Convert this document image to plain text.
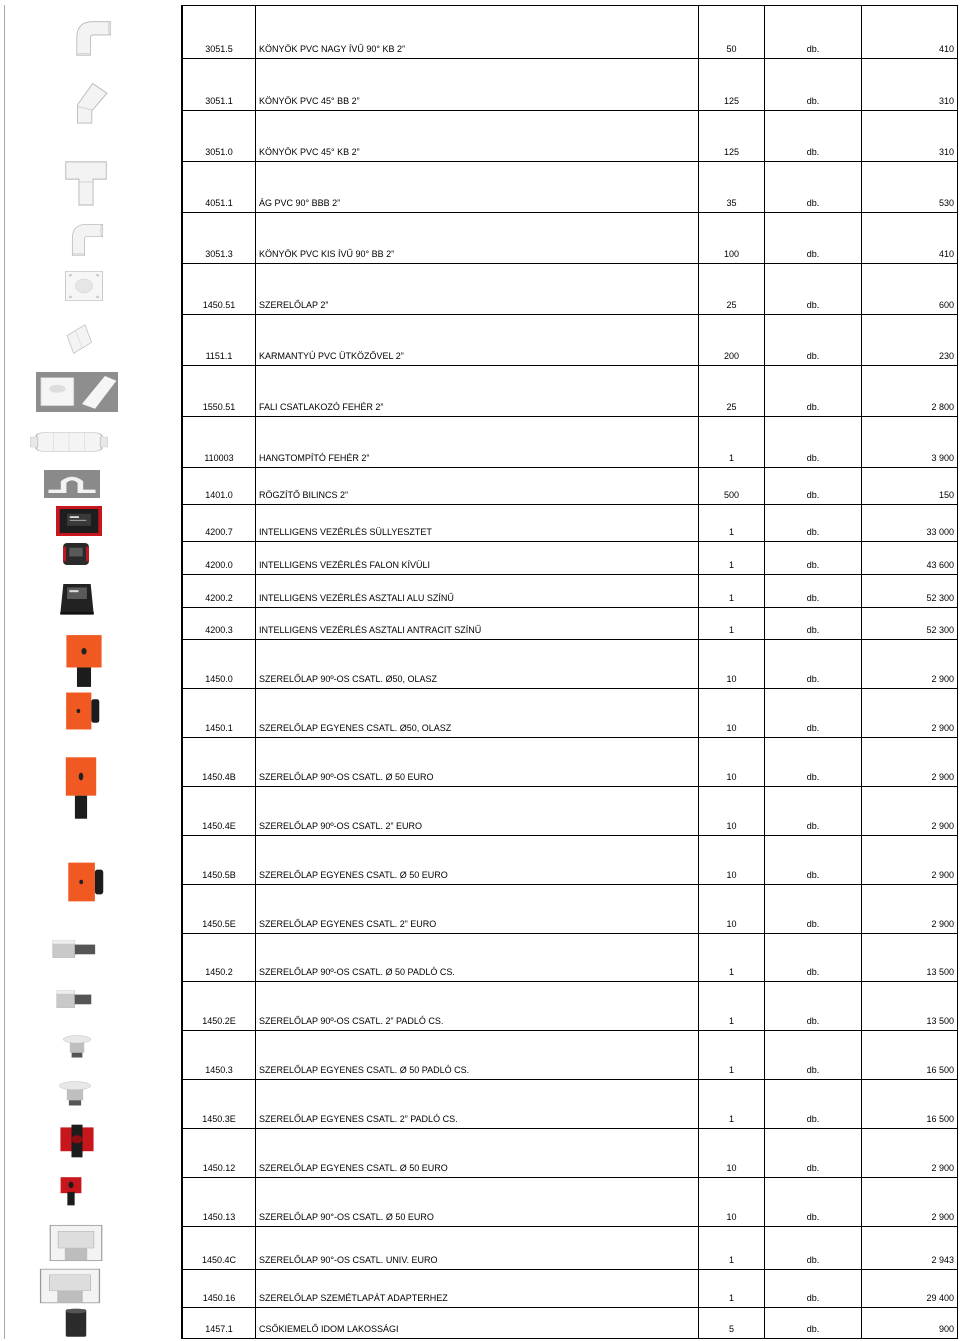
3051.5	KÖNYÖK PVC NAGY ÍVŰ 90° KB 2”	50	db.	410
3051.1	KÖNYÖK PVC 45° BB 2”	125	db.	310
3051.0	KÖNYÖK PVC 45° KB 2”	125	db.	310
4051.1	ÁG PVC 90° BBB 2”	35	db.	530
3051.3	KÖNYÖK PVC KIS ÍVŰ 90° BB 2”	100	db.	410
1450.51	SZERELŐLAP 2”	25	db.	600
1151.1	KARMANTYÚ PVC ÜTKÖZŐVEL 2”	200	db.	230
1550.51	FALI CSATLAKOZÓ FEHÉR 2”	25	db.	2 800
110003	HANGTOMPÍTÓ FEHÉR 2”	1	db.	3 900
1401.0	RÖGZÍTŐ BILINCS 2”	500	db.	150
4200.7	INTELLIGENS VEZÉRLÉS SÜLLYESZTET	1	db.	33 000
4200.0	INTELLIGENS VEZÉRLÉS FALON KÍVÜLI	1	db.	43 600
4200.2	INTELLIGENS VEZÉRLÉS ASZTALI ALU SZÍNŰ	1	db.	52 300
4200.3	INTELLIGENS VEZÉRLÉS ASZTALI ANTRACIT SZÍNŰ	1	db.	52 300
1450.0	SZERELŐLAP 90º-OS CSATL. Ø50, OLASZ	10	db.	2 900
1450.1	SZERELŐLAP EGYENES CSATL. Ø50, OLASZ	10	db.	2 900
1450.4B	SZERELŐLAP 90º-OS CSATL. Ø 50 EURO	10	db.	2 900
1450.4E	SZERELŐLAP 90º-OS CSATL. 2” EURO	10	db.	2 900
1450.5B	SZERELŐLAP EGYENES CSATL. Ø 50 EURO	10	db.	2 900
1450.5E	SZERELŐLAP EGYENES CSATL. 2” EURO	10	db.	2 900
1450.2	SZERELŐLAP 90º-OS CSATL. Ø 50 PADLÓ CS.	1	db.	13 500
1450.2E	SZERELŐLAP 90º-OS CSATL. 2” PADLÓ CS.	1	db.	13 500
1450.3	SZERELŐLAP EGYENES CSATL. Ø 50 PADLÓ CS.	1	db.	16 500
1450.3E	SZERELŐLAP EGYENES CSATL. 2” PADLÓ CS.	1	db.	16 500
1450.12	SZERELŐLAP EGYENES CSATL. Ø 50 EURO	10	db.	2 900
1450.13	SZERELŐLAP 90°-OS CSATL. Ø 50 EURO	10	db.	2 900
1450.4C	SZERELŐLAP 90°-OS CSATL. UNIV. EURO	1	db.	2 943
1450.16	SZERELŐLAP SZEMÉTLAPÁT ADAPTERHEZ	1	db.	29 400
1457.1	CSŐKIEMELŐ IDOM LAKOSSÁGI	5	db.	900
